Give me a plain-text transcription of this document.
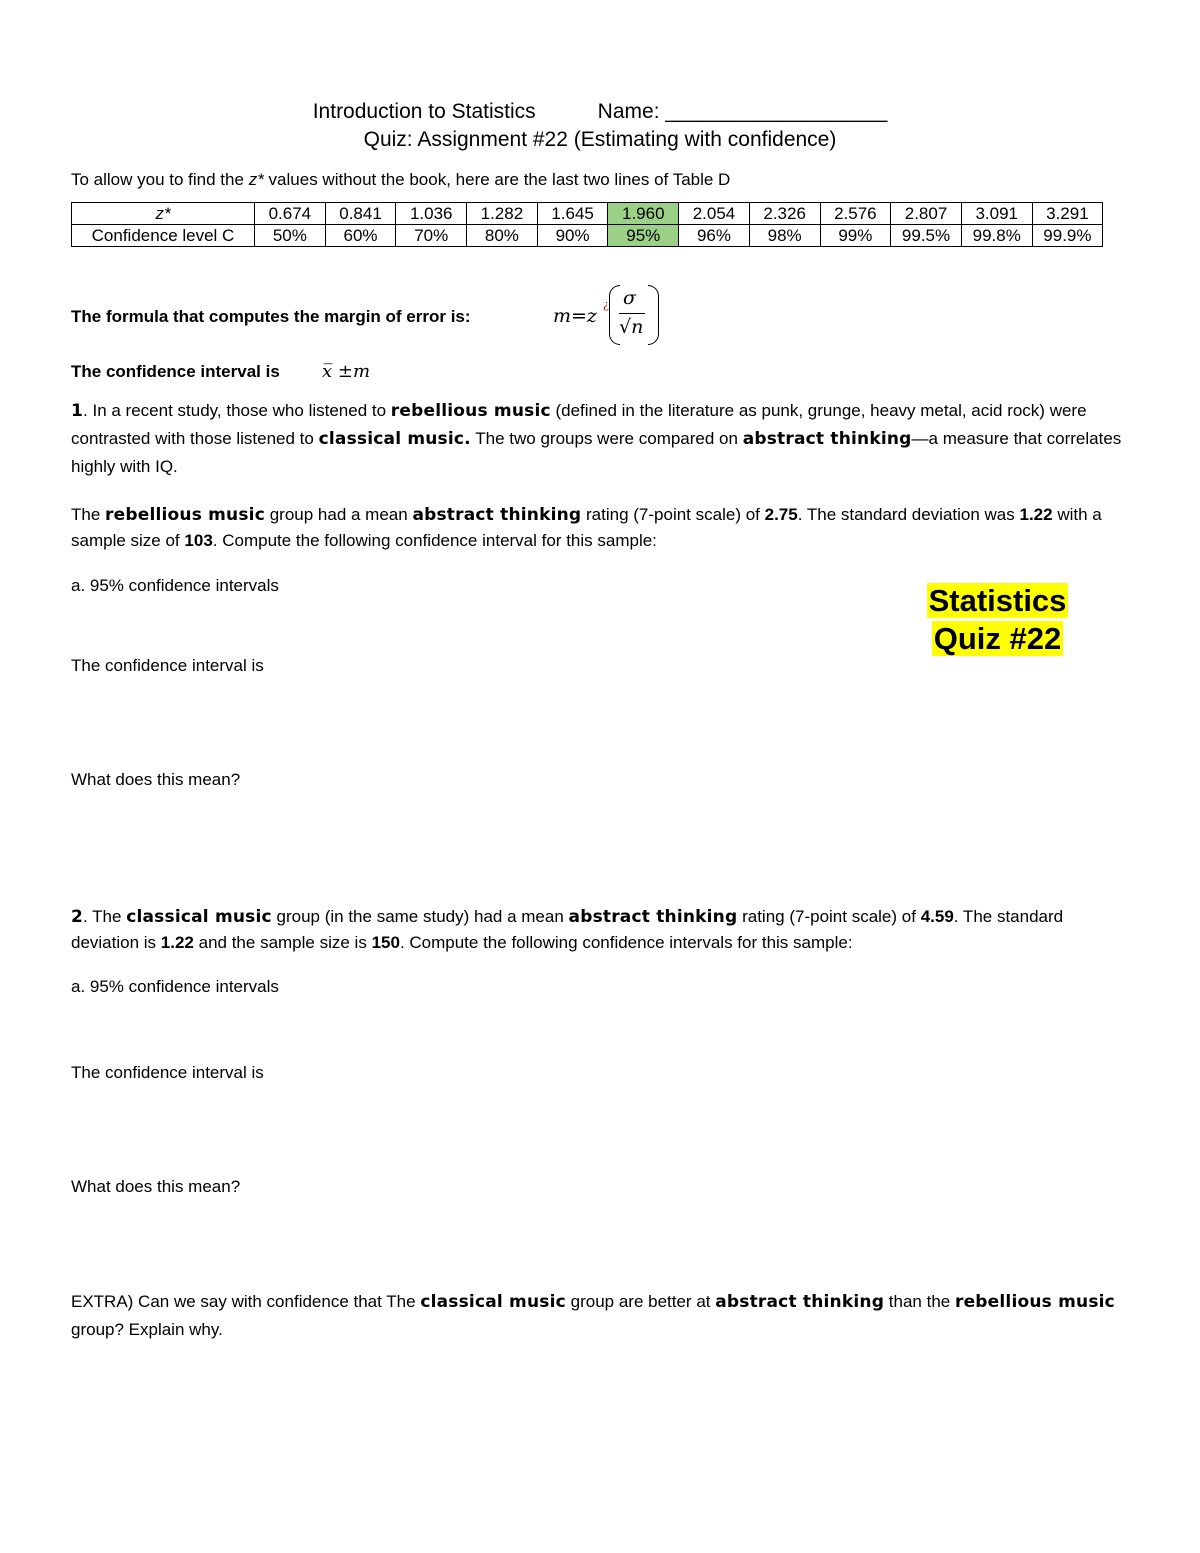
Introduction to Statistics	Name: ___________________
Quiz: Assignment #22 (Estimating with confidence)
To allow you to find the z* values without the book, here are the last two lines of Table D
z*	0.674	0.841	1.036	1.282	1.645	1.960	2.054	2.326	2.576	2.807	3.091	3.291
Confidence level C	50%	60%	70%	80%	90%	95%	96%	98%	99%	99.5%	99.8%	99.9%
The formula that computes the margin of error is:	m=z
¿ σ
√n
The confidence interval is x̅ ±m
1. In a recent study, those who listened to rebellious music (defined in the literature as punk, grunge, heavy metal, acid rock) were contrasted with those listened to classical music. The two groups were compared on abstract thinking—a measure that correlates highly with IQ.
The rebellious music group had a mean abstract thinking rating (7-point scale) of 2.75. The standard deviation was 1.22 with a sample size of 103. Compute the following confidence interval for this sample:
a. 95% confidence intervals
The confidence interval is
What does this mean?
Statistics
Quiz #22
2. The classical music group (in the same study) had a mean abstract thinking rating (7-point scale) of 4.59. The standard deviation is 1.22 and the sample size is 150. Compute the following confidence intervals for this sample:
a. 95% confidence intervals
The confidence interval is
What does this mean?
EXTRA) Can we say with confidence that The classical music group are better at abstract thinking than the rebellious music group? Explain why.
